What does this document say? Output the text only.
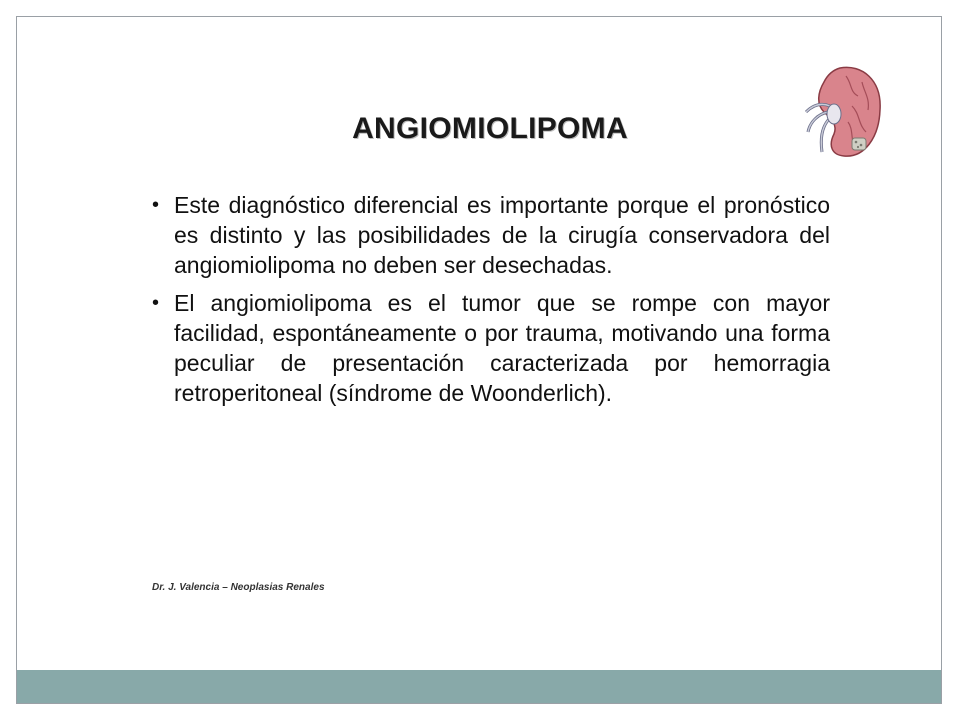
ANGIOMIOLIPOMA
• Este diagnóstico diferencial es importante porque el pronóstico es distinto y las posibilidades de la cirugía conservadora del angiomiolipoma no deben ser desechadas.
• El angiomiolipoma es el tumor que se rompe con mayor facilidad, espontáneamente o por trauma, motivando una forma peculiar de presentación caracterizada por hemorragia retroperitoneal (síndrome de Woonderlich).
Dr. J. Valencia – Neoplasias Renales
